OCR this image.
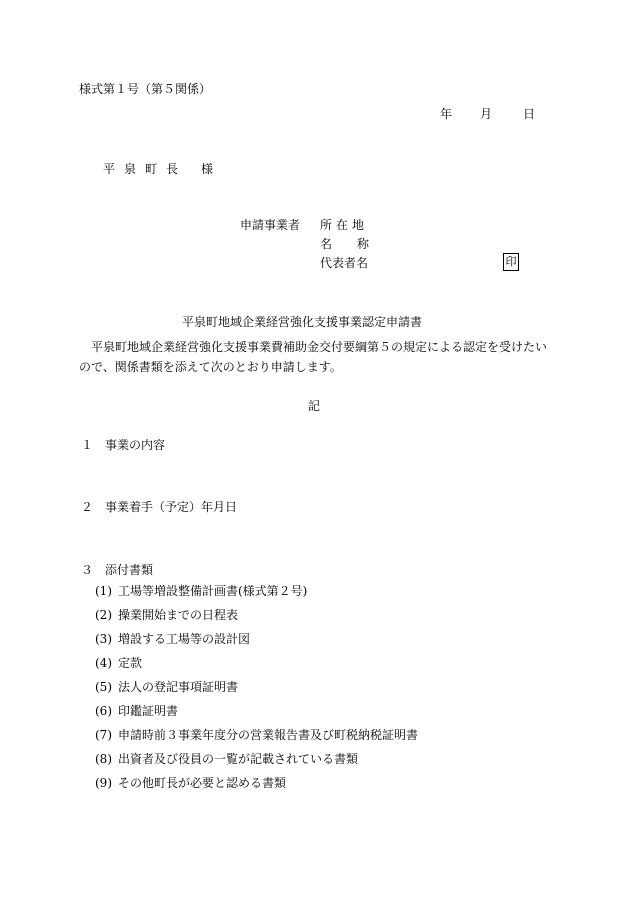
様式第１号（第５関係）
年 月	日
平泉町長 様
申請事業者 所在地
名称
代表者名	印
平泉町地域企業経営強化支援事業認定申請書
平泉町地域企業経営強化支援事業費補助金交付要綱第５の規定による認定を受けたいので、関係書類を添えて次のとおり申請します。
記
１ 事業の内容
２ 事業着手（予定）年月日
３ 添付書類
(1) 工場等増設整備計画書(様式第２号)
(2) 操業開始までの日程表
(3) 増設する工場等の設計図
(4) 定款
(5) 法人の登記事項証明書
(6) 印鑑証明書
(7) 申請時前３事業年度分の営業報告書及び町税納税証明書
(8) 出資者及び役員の一覧が記載されている書類
(9) その他町長が必要と認める書類
